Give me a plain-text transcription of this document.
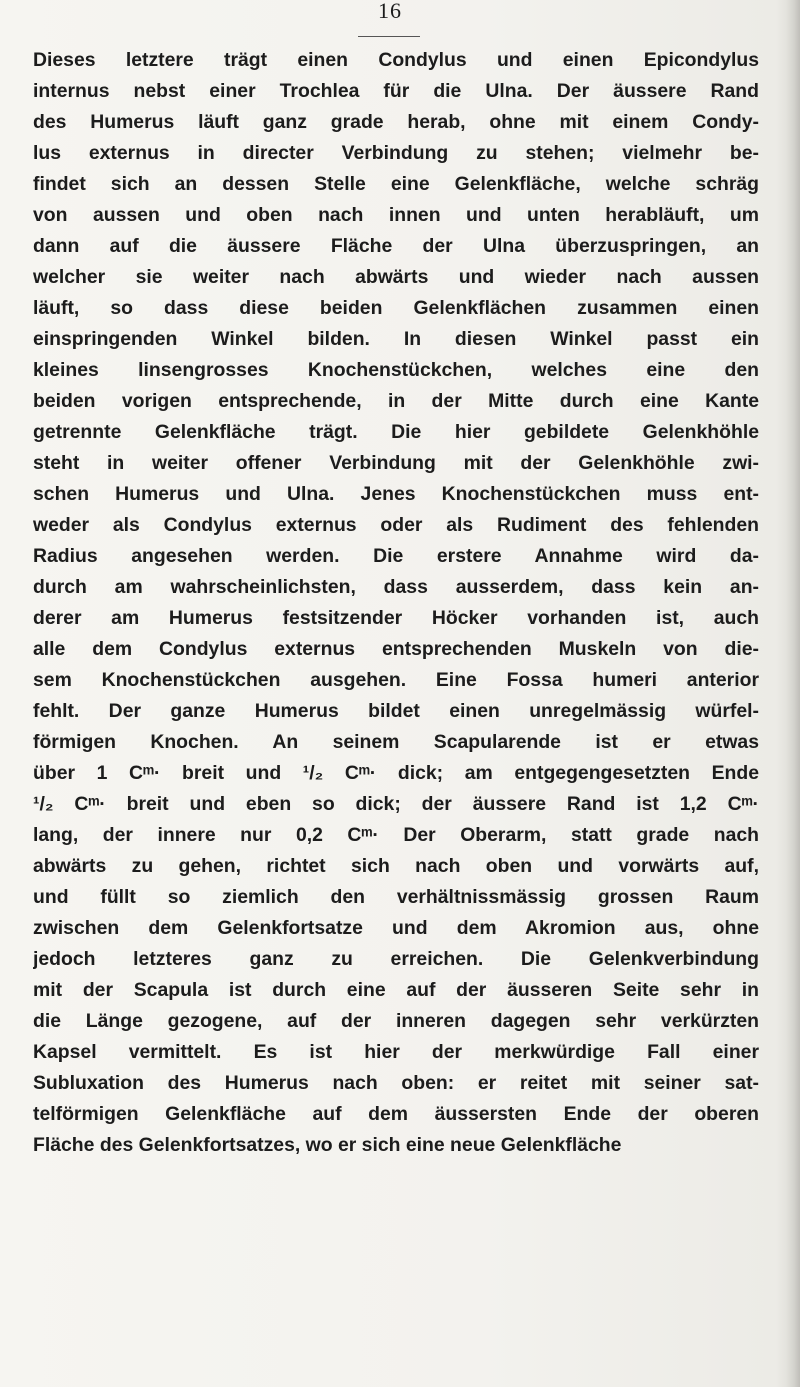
16
Dieses letztere trägt einen Condylus und einen Epicondylus
internus nebst einer Trochlea für die Ulna. Der äussere Rand
des Humerus läuft ganz grade herab, ohne mit einem Condy-
lus externus in directer Verbindung zu stehen; vielmehr be-
findet sich an dessen Stelle eine Gelenkfläche, welche schräg
von aussen und oben nach innen und unten herabläuft, um
dann auf die äussere Fläche der Ulna überzuspringen, an
welcher sie weiter nach abwärts und wieder nach aussen
läuft, so dass diese beiden Gelenkflächen zusammen einen
einspringenden Winkel bilden. In diesen Winkel passt ein
kleines linsengrosses Knochenstückchen, welches eine den
beiden vorigen entsprechende, in der Mitte durch eine Kante
getrennte Gelenkfläche trägt. Die hier gebildete Gelenkhöhle
steht in weiter offener Verbindung mit der Gelenkhöhle zwi-
schen Humerus und Ulna. Jenes Knochenstückchen muss ent-
weder als Condylus externus oder als Rudiment des fehlenden
Radius angesehen werden. Die erstere Annahme wird da-
durch am wahrscheinlichsten, dass ausserdem, dass kein an-
derer am Humerus festsitzender Höcker vorhanden ist, auch
alle dem Condylus externus entsprechenden Muskeln von die-
sem Knochenstückchen ausgehen. Eine Fossa humeri anterior
fehlt. Der ganze Humerus bildet einen unregelmässig würfel-
förmigen Knochen. An seinem Scapularende ist er etwas
über 1 Cᵐ· breit und ¹/₂ Cᵐ· dick; am entgegengesetzten Ende
¹/₂ Cᵐ· breit und eben so dick; der äussere Rand ist 1,2 Cᵐ·
lang, der innere nur 0,2 Cᵐ· Der Oberarm, statt grade nach
abwärts zu gehen, richtet sich nach oben und vorwärts auf,
und füllt so ziemlich den verhältnissmässig grossen Raum
zwischen dem Gelenkfortsatze und dem Akromion aus, ohne
jedoch letzteres ganz zu erreichen. Die Gelenkverbindung
mit der Scapula ist durch eine auf der äusseren Seite sehr in
die Länge gezogene, auf der inneren dagegen sehr verkürzten
Kapsel vermittelt. Es ist hier der merkwürdige Fall einer
Subluxation des Humerus nach oben: er reitet mit seiner sat-
telförmigen Gelenkfläche auf dem äussersten Ende der oberen
Fläche des Gelenkfortsatzes, wo er sich eine neue Gelenkfläche
